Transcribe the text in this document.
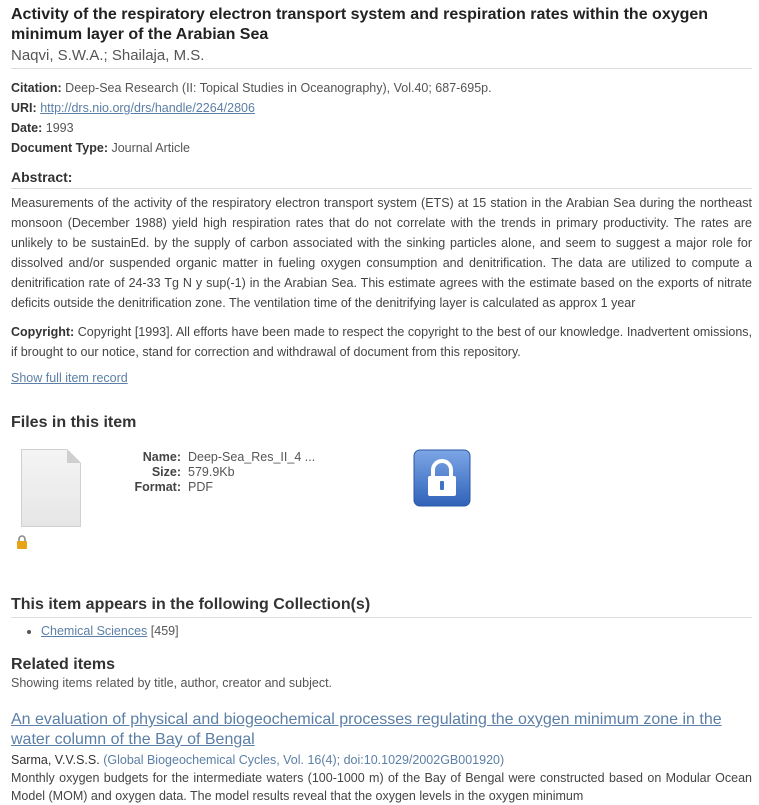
Activity of the respiratory electron transport system and respiration rates within the oxygen minimum layer of the Arabian Sea
Naqvi, S.W.A.; Shailaja, M.S.
Citation: Deep-Sea Research (II: Topical Studies in Oceanography), Vol.40; 687-695p.
URI: http://drs.nio.org/drs/handle/2264/2806
Date: 1993
Document Type: Journal Article
Abstract:
Measurements of the activity of the respiratory electron transport system (ETS) at 15 station in the Arabian Sea during the northeast monsoon (December 1988) yield high respiration rates that do not correlate with the trends in primary productivity. The rates are unlikely to be sustainEd. by the supply of carbon associated with the sinking particles alone, and seem to suggest a major role for dissolved and/or suspended organic matter in fueling oxygen consumption and denitrification. The data are utilized to compute a denitrification rate of 24-33 Tg N y sup(-1) in the Arabian Sea. This estimate agrees with the estimate based on the exports of nitrate deficits outside the denitrification zone. The ventilation time of the denitrifying layer is calculated as approx 1 year
Copyright: Copyright [1993]. All efforts have been made to respect the copyright to the best of our knowledge. Inadvertent omissions, if brought to our notice, stand for correction and withdrawal of document from this repository.
Show full item record
Files in this item
Name: Deep-Sea_Res_II_4 ...
Size: 579.9Kb
Format: PDF
This item appears in the following Collection(s)
• Chemical Sciences [459]
Related items
Showing items related by title, author, creator and subject.
An evaluation of physical and biogeochemical processes regulating the oxygen minimum zone in the water column of the Bay of Bengal
Sarma, V.V.S.S. (Global Biogeochemical Cycles, Vol. 16(4); doi:10.1029/2002GB001920)
Monthly oxygen budgets for the intermediate waters (100-1000 m) of the Bay of Bengal were constructed based on Modular Ocean Model (MOM) and oxygen data. The model results reveal that the oxygen levels in the oxygen minimum
